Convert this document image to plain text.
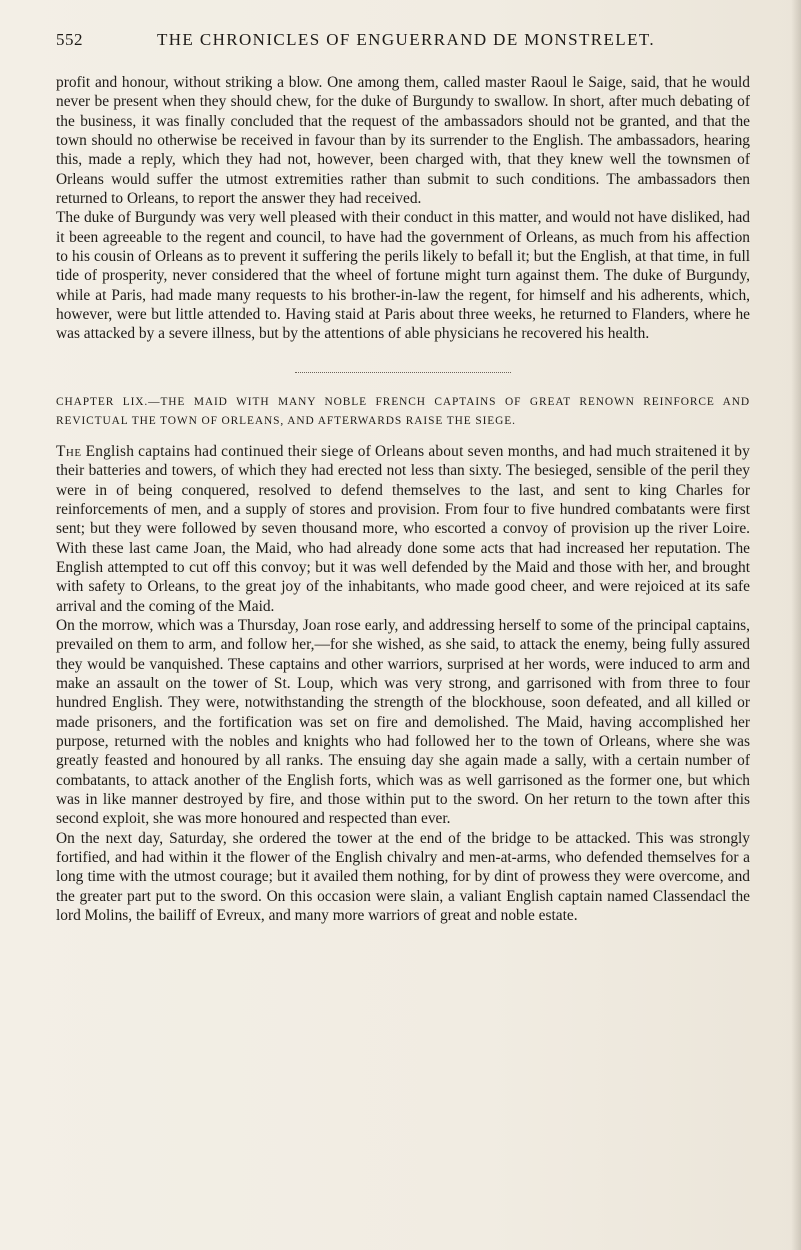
552	THE CHRONICLES OF ENGUERRAND DE MONSTRELET.

profit and honour, without striking a blow. One among them, called master Raoul le Saige, said, that he would never be present when they should chew, for the duke of Burgundy to swallow. In short, after much debating of the business, it was finally concluded that the request of the ambassadors should not be granted, and that the town should no otherwise be received in favour than by its surrender to the English. The ambassadors, hearing this, made a reply, which they had not, however, been charged with, that they knew well the townsmen of Orleans would suffer the utmost extremities rather than submit to such conditions. The ambassadors then returned to Orleans, to report the answer they had received.

The duke of Burgundy was very well pleased with their conduct in this matter, and would not have disliked, had it been agreeable to the regent and council, to have had the government of Orleans, as much from his affection to his cousin of Orleans as to prevent it suffering the perils likely to befall it; but the English, at that time, in full tide of prosperity, never considered that the wheel of fortune might turn against them. The duke of Burgundy, while at Paris, had made many requests to his brother-in-law the regent, for himself and his adherents, which, however, were but little attended to. Having staid at Paris about three weeks, he returned to Flanders, where he was attacked by a severe illness, but by the attentions of able physicians he recovered his health.

CHAPTER LIX.—THE MAID WITH MANY NOBLE FRENCH CAPTAINS OF GREAT RENOWN REINFORCE AND REVICTUAL THE TOWN OF ORLEANS, AND AFTERWARDS RAISE THE SIEGE.

The English captains had continued their siege of Orleans about seven months, and had much straitened it by their batteries and towers, of which they had erected not less than sixty. The besieged, sensible of the peril they were in of being conquered, resolved to defend themselves to the last, and sent to king Charles for reinforcements of men, and a supply of stores and provision. From four to five hundred combatants were first sent; but they were followed by seven thousand more, who escorted a convoy of provision up the river Loire. With these last came Joan, the Maid, who had already done some acts that had increased her reputation. The English attempted to cut off this convoy; but it was well defended by the Maid and those with her, and brought with safety to Orleans, to the great joy of the inhabitants, who made good cheer, and were rejoiced at its safe arrival and the coming of the Maid.

On the morrow, which was a Thursday, Joan rose early, and addressing herself to some of the principal captains, prevailed on them to arm, and follow her,—for she wished, as she said, to attack the enemy, being fully assured they would be vanquished. These captains and other warriors, surprised at her words, were induced to arm and make an assault on the tower of St. Loup, which was very strong, and garrisoned with from three to four hundred English. They were, notwithstanding the strength of the blockhouse, soon defeated, and all killed or made prisoners, and the fortification was set on fire and demolished. The Maid, having accomplished her purpose, returned with the nobles and knights who had followed her to the town of Orleans, where she was greatly feasted and honoured by all ranks. The ensuing day she again made a sally, with a certain number of combatants, to attack another of the English forts, which was as well garrisoned as the former one, but which was in like manner destroyed by fire, and those within put to the sword. On her return to the town after this second exploit, she was more honoured and respected than ever.

On the next day, Saturday, she ordered the tower at the end of the bridge to be attacked. This was strongly fortified, and had within it the flower of the English chivalry and men-at-arms, who defended themselves for a long time with the utmost courage; but it availed them nothing, for by dint of prowess they were overcome, and the greater part put to the sword. On this occasion were slain, a valiant English captain named Classendacl the lord Molins, the bailiff of Evreux, and many more warriors of great and noble estate.
